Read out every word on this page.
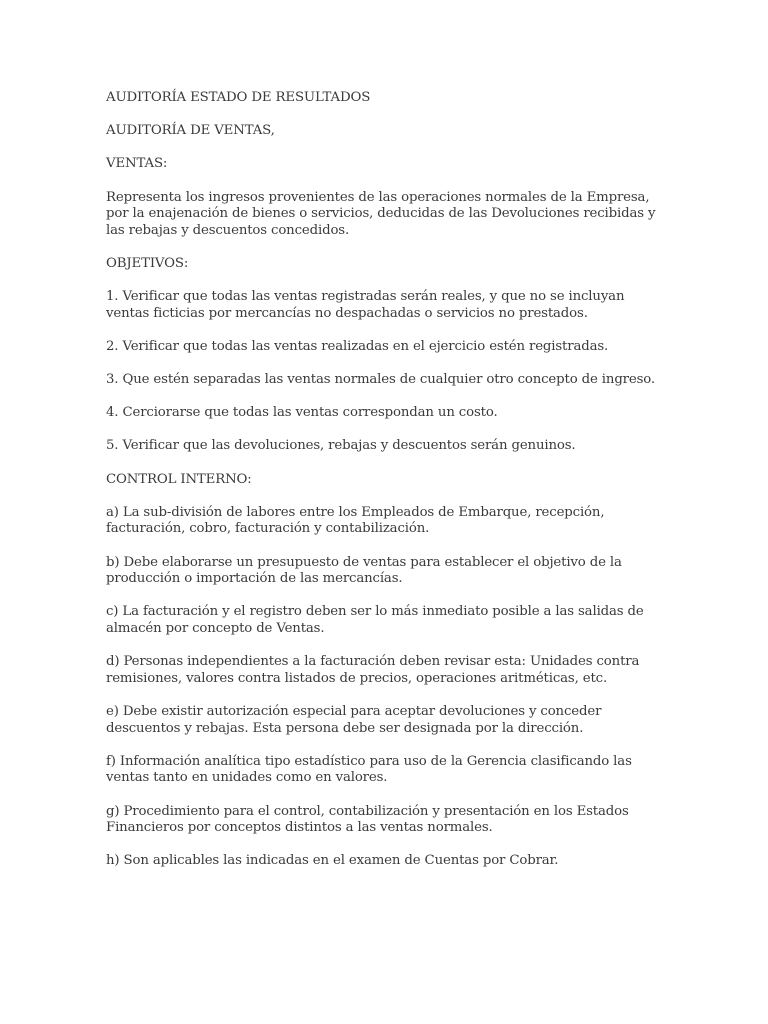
AUDITORÍA ESTADO DE RESULTADOS

AUDITORÍA DE VENTAS,

VENTAS:

Representa los ingresos provenientes de las operaciones normales de la Empresa, por la enajenación de bienes o servicios, deducidas de las Devoluciones recibidas y las rebajas y descuentos concedidos.

OBJETIVOS:

1. Verificar que todas las ventas registradas serán reales, y que no se incluyan ventas ficticias por mercancías no despachadas o servicios no prestados.

2. Verificar que todas las ventas realizadas en el ejercicio estén registradas.

3. Que estén separadas las ventas normales de cualquier otro concepto de ingreso.

4. Cerciorarse que todas las ventas correspondan un costo.

5. Verificar que las devoluciones, rebajas y descuentos serán genuinos.

CONTROL INTERNO:

a) La sub-división de labores entre los Empleados de Embarque, recepción, facturación, cobro, facturación y contabilización.

b) Debe elaborarse un presupuesto de ventas para establecer el objetivo de la producción o importación de las mercancías.

c) La facturación y el registro deben ser lo más inmediato posible a las salidas de almacén por concepto de Ventas.

d) Personas independientes a la facturación deben revisar esta: Unidades contra remisiones, valores contra listados de precios, operaciones aritméticas, etc.

e) Debe existir autorización especial para aceptar devoluciones y conceder descuentos y rebajas. Esta persona debe ser designada por la dirección.

f) Información analítica tipo estadístico para uso de la Gerencia clasificando las ventas tanto en unidades como en valores.

g) Procedimiento para el control, contabilización y presentación en los Estados Financieros por conceptos distintos a las ventas normales.

h) Son aplicables las indicadas en el examen de Cuentas por Cobrar.
